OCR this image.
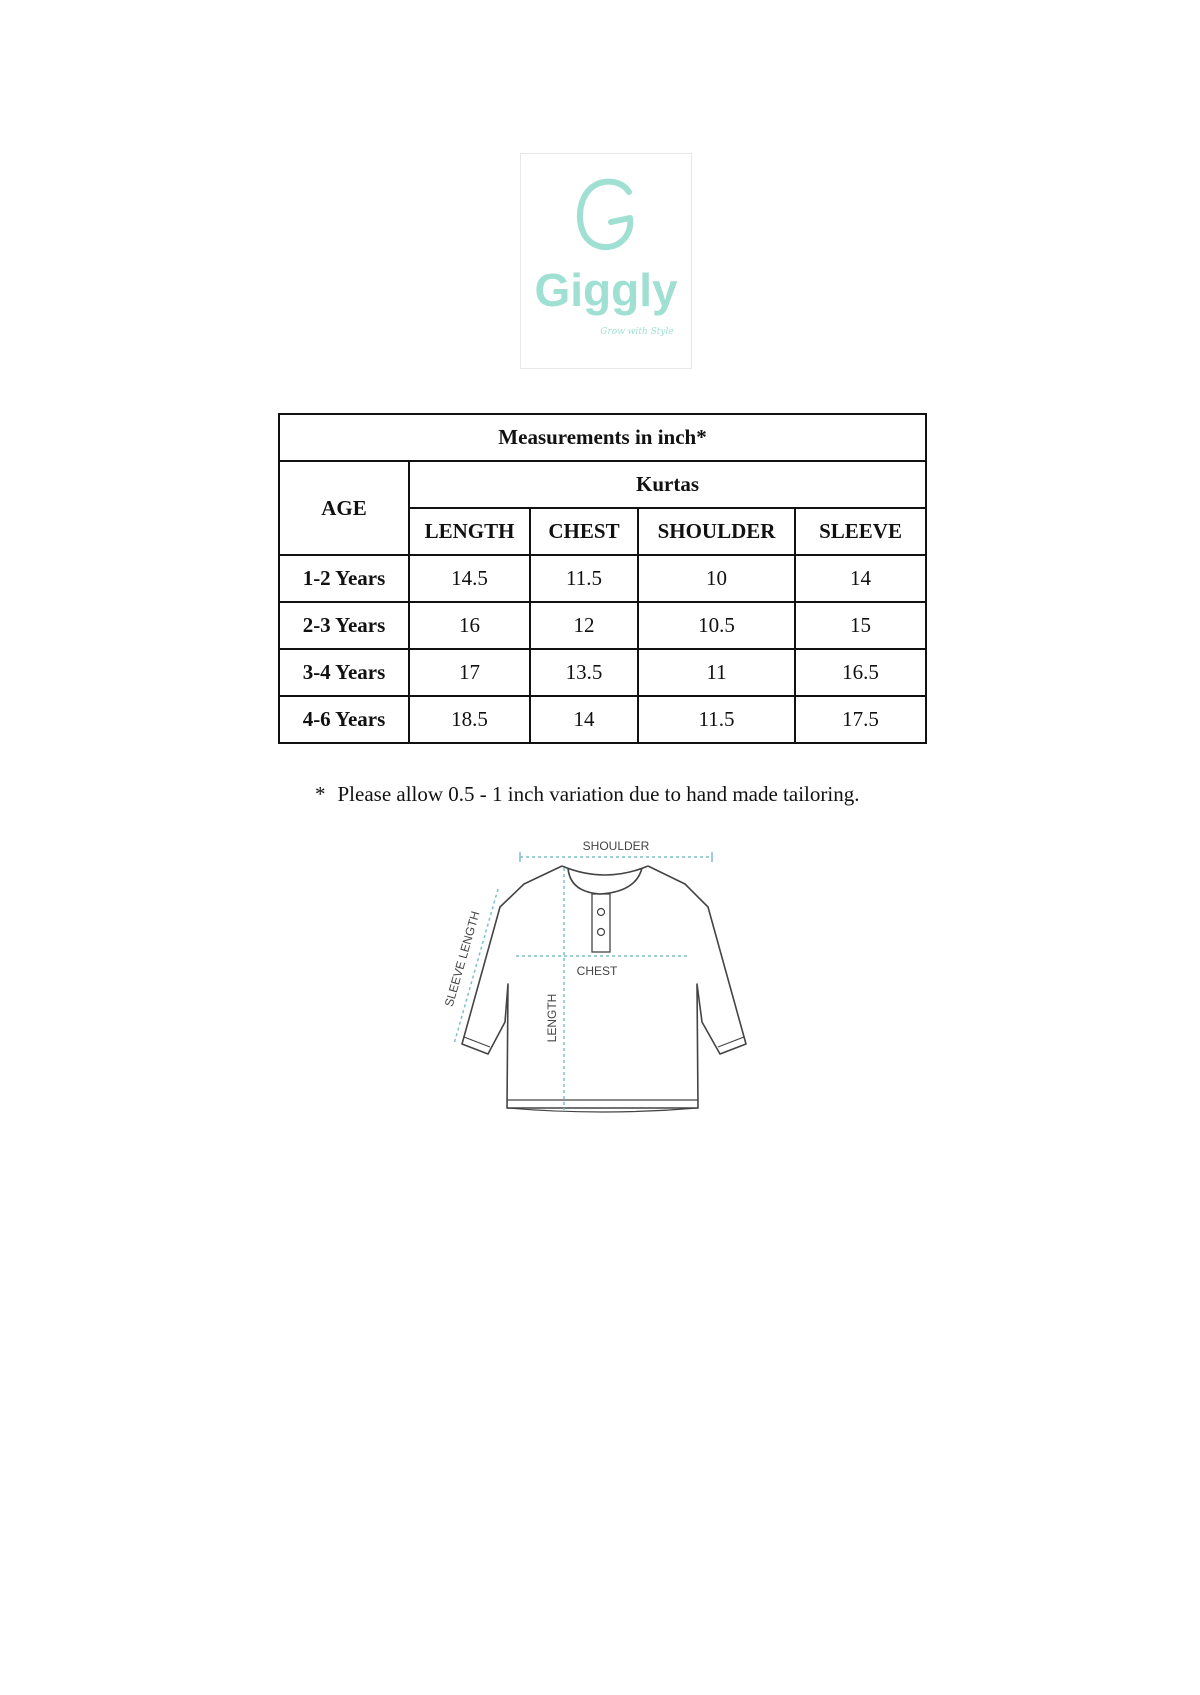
Giggly
Grow with Style
Measurements in inch*				
AGE	Kurtas			
	LENGTH	CHEST	SHOULDER	SLEEVE
1-2 Years	14.5	11.5	10	14
2-3 Years	16	12	10.5	15
3-4 Years	17	13.5	11	16.5
4-6 Years	18.5	14	11.5	17.5
* Please allow 0.5 - 1 inch variation due to hand made tailoring.
SHOULDER
CHEST
LENGTH
SLEEVE LENGTH
